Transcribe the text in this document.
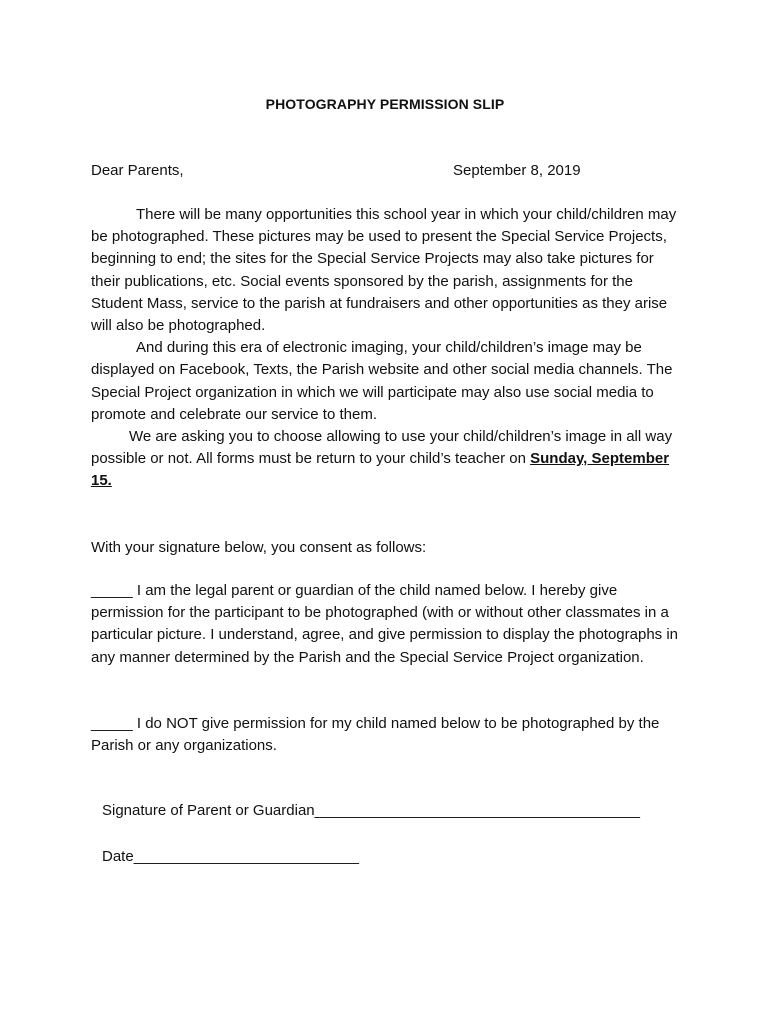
PHOTOGRAPHY PERMISSION SLIP
Dear Parents,	September 8, 2019
There will be many opportunities this school year in which your child/children may be photographed. These pictures may be used to present the Special Service Projects, beginning to end; the sites for the Special Service Projects may also take pictures for their publications, etc. Social events sponsored by the parish, assignments for the Student Mass, service to the parish at fundraisers and other opportunities as they arise will also be photographed.
And during this era of electronic imaging, your child/children’s image may be displayed on Facebook, Texts, the Parish website and other social media channels. The Special Project organization in which we will participate may also use social media to promote and celebrate our service to them.
We are asking you to choose allowing to use your child/children’s image in all way possible or not. All forms must be return to your child’s teacher on Sunday, September 15.
With your signature below, you consent as follows:
_____ I am the legal parent or guardian of the child named below. I hereby give permission for the participant to be photographed (with or without other classmates in a particular picture. I understand, agree, and give permission to display the photographs in any manner determined by the Parish and the Special Service Project organization.
_____ I do NOT give permission for my child named below to be photographed by the Parish or any organizations.
Signature of Parent or Guardian_______________________________________
Date___________________________
